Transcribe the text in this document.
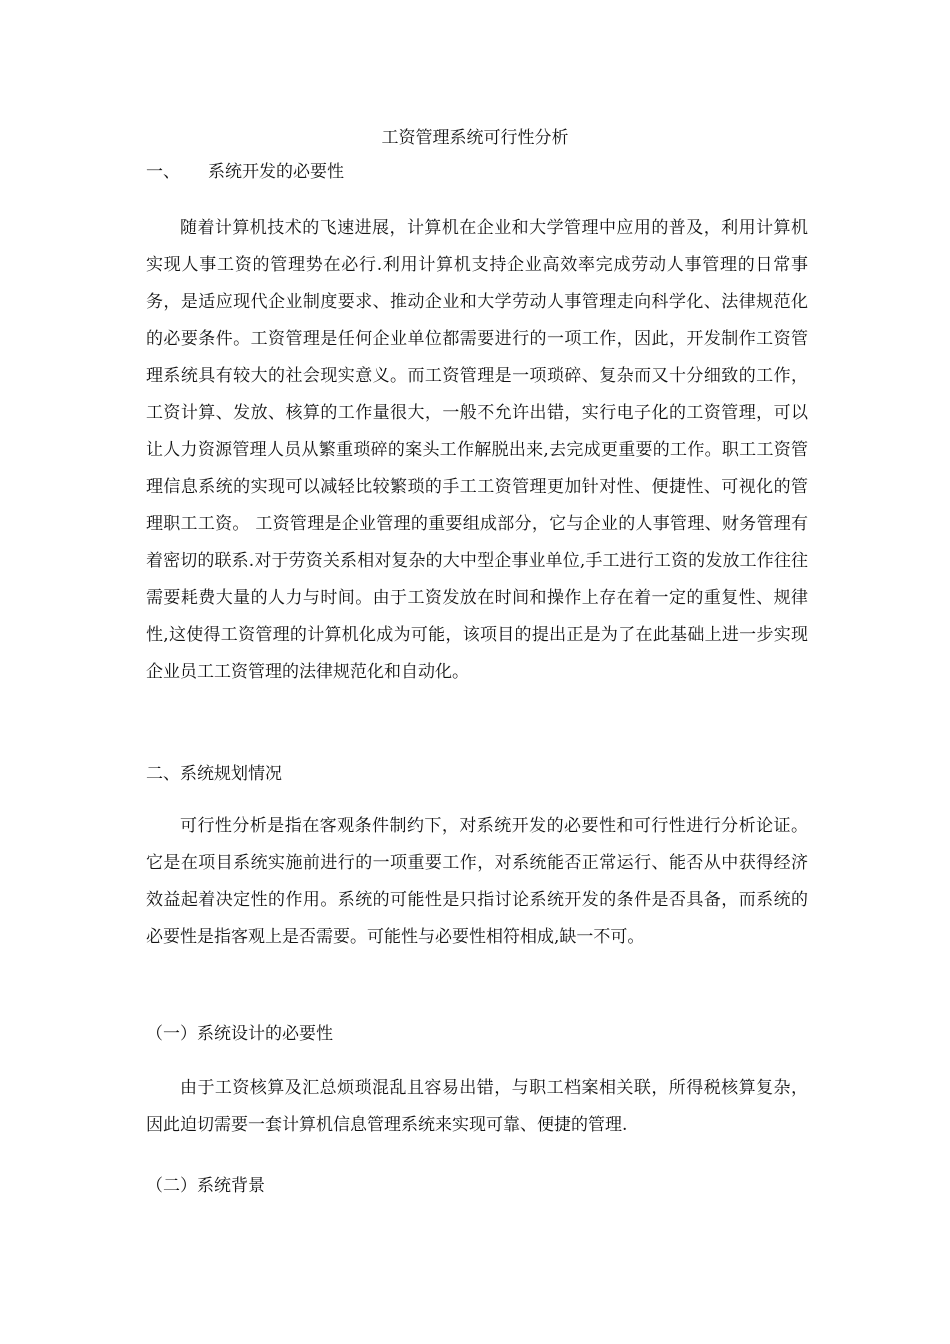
工资管理系统可行性分析
一、 系统开发的必要性

随着计算机技术的飞速进展，计算机在企业和大学管理中应用的普及，利用计算机实现人事工资的管理势在必行.利用计算机支持企业高效率完成劳动人事管理的日常事务，是适应现代企业制度要求、推动企业和大学劳动人事管理走向科学化、法律规范化的必要条件。工资管理是任何企业单位都需要进行的一项工作，因此，开发制作工资管理系统具有较大的社会现实意义。而工资管理是一项琐碎、复杂而又十分细致的工作，工资计算、发放、核算的工作量很大，一般不允许出错，实行电子化的工资管理，可以让人力资源管理人员从繁重琐碎的案头工作解脱出来,去完成更重要的工作。职工工资管理信息系统的实现可以减轻比较繁琐的手工工资管理更加针对性、便捷性、可视化的管理职工工资。 工资管理是企业管理的重要组成部分，它与企业的人事管理、财务管理有着密切的联系.对于劳资关系相对复杂的大中型企事业单位,手工进行工资的发放工作往往需要耗费大量的人力与时间。由于工资发放在时间和操作上存在着一定的重复性、规律性,这使得工资管理的计算机化成为可能，该项目的提出正是为了在此基础上进一步实现企业员工工资管理的法律规范化和自动化。

二、系统规划情况

可行性分析是指在客观条件制约下，对系统开发的必要性和可行性进行分析论证。它是在项目系统实施前进行的一项重要工作，对系统能否正常运行、能否从中获得经济效益起着决定性的作用。系统的可能性是只指讨论系统开发的条件是否具备，而系统的必要性是指客观上是否需要。可能性与必要性相符相成,缺一不可。

（一）系统设计的必要性

由于工资核算及汇总烦琐混乱且容易出错，与职工档案相关联，所得税核算复杂，因此迫切需要一套计算机信息管理系统来实现可靠、便捷的管理.

（二）系统背景
